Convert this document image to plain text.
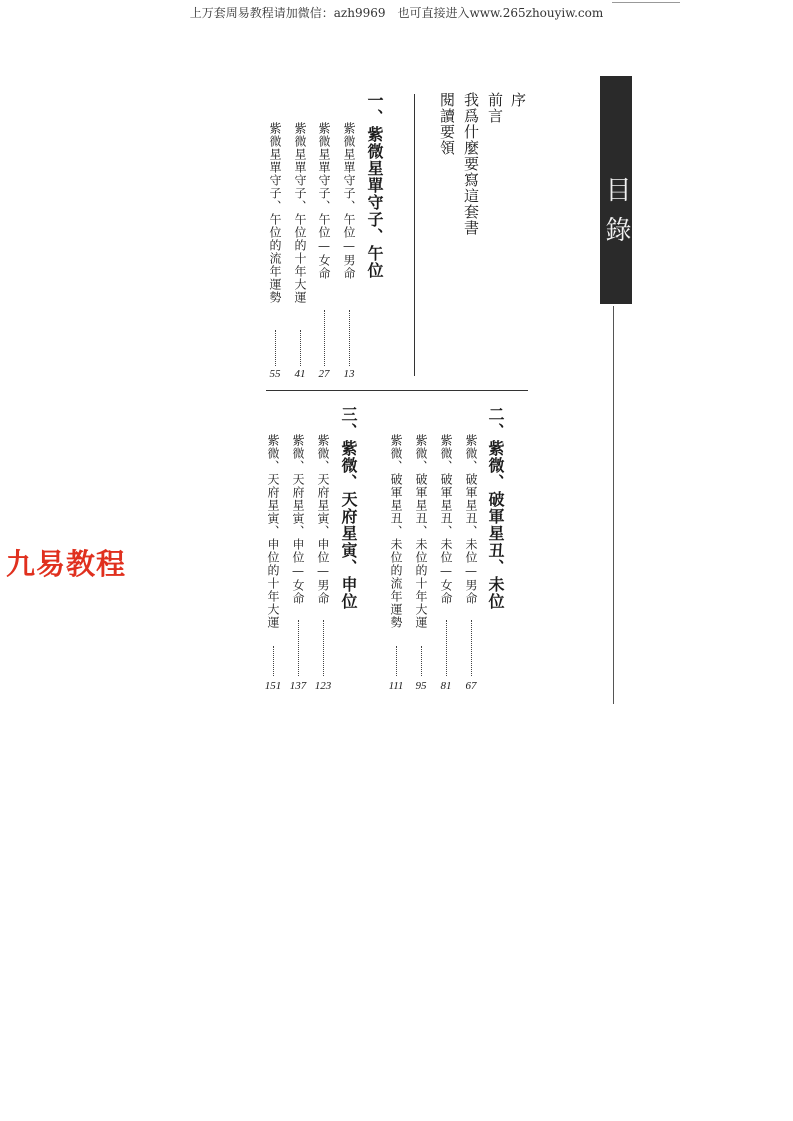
上万套周易教程请加微信：azh9969　也可直接进入www.265zhouyiw.com
目錄
序
前言
我爲什麼要寫這套書
閱讀要領
一、紫微星單守子、午位
紫微星單守子、午位—男命
13
紫微星單守子、午位—女命
27
紫微星單守子、午位的十年大運
41
紫微星單守子、午位的流年運勢
55
二、紫微、破軍星丑、未位
紫微、破軍星丑、未位—男命
67
紫微、破軍星丑、未位—女命
81
紫微、破軍星丑、未位的十年大運
95
紫微、破軍星丑、未位的流年運勢
111
三、紫微、天府星寅、申位
紫微、天府星寅、申位—男命
123
紫微、天府星寅、申位—女命
137
紫微、天府星寅、申位的十年大運
151
九易教程
